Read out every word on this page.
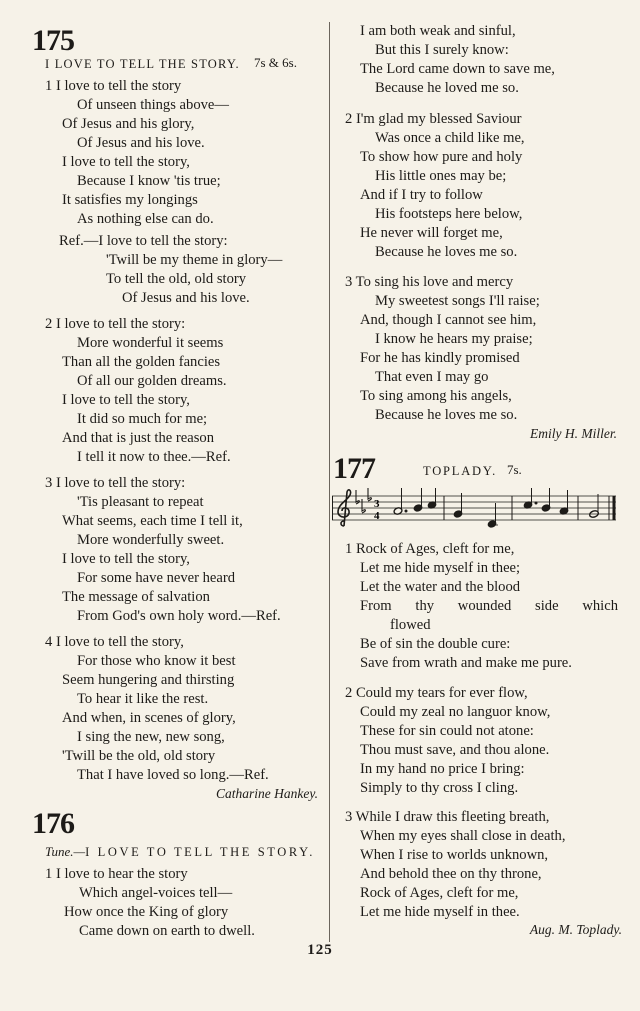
175
I LOVE TO TELL THE STORY. 7s & 6s.
1 I love to tell the story
Of unseen things above—
Of Jesus and his glory,
Of Jesus and his love.
I love to tell the story,
Because I know 'tis true;
It satisfies my longings
As nothing else can do.
Ref.—I love to tell the story:
'Twill be my theme in glory—
To tell the old, old story
Of Jesus and his love.
2 I love to tell the story:
More wonderful it seems
Than all the golden fancies
Of all our golden dreams.
I love to tell the story,
It did so much for me;
And that is just the reason
I tell it now to thee.—Ref.
3 I love to tell the story:
'Tis pleasant to repeat
What seems, each time I tell it,
More wonderfully sweet.
I love to tell the story,
For some have never heard
The message of salvation
From God's own holy word.—Ref.
4 I love to tell the story,
For those who know it best
Seem hungering and thirsting
To hear it like the rest.
And when, in scenes of glory,
I sing the new, new song,
'Twill be the old, old story
That I have loved so long.—Ref.
Catharine Hankey.
176
Tune.—I LOVE TO TELL THE STORY.
1 I love to hear the story
Which angel-voices tell—
How once the King of glory
Came down on earth to dwell.
I am both weak and sinful,
But this I surely know:
The Lord came down to save me,
Because he loved me so.
2 I'm glad my blessed Saviour
Was once a child like me,
To show how pure and holy
His little ones may be;
And if I try to follow
His footsteps here below,
He never will forget me,
Because he loves me so.
3 To sing his love and mercy
My sweetest songs I'll raise;
And, though I cannot see him,
I know he hears my praise;
For he has kindly promised
That even I may go
To sing among his angels,
Because he loves me so.
Emily H. Miller.
177	TOPLADY. 7s.
1 Rock of Ages, cleft for me,
Let me hide myself in thee;
Let the water and the blood
From thy wounded side which
flowed
Be of sin the double cure:
Save from wrath and make me pure.
2 Could my tears for ever flow,
Could my zeal no languor know,
These for sin could not atone:
Thou must save, and thou alone.
In my hand no price I bring:
Simply to thy cross I cling.
3 While I draw this fleeting breath,
When my eyes shall close in death,
When I rise to worlds unknown,
And behold thee on thy throne,
Rock of Ages, cleft for me,
Let me hide myself in thee.
Aug. M. Toplady.
3
4
125
